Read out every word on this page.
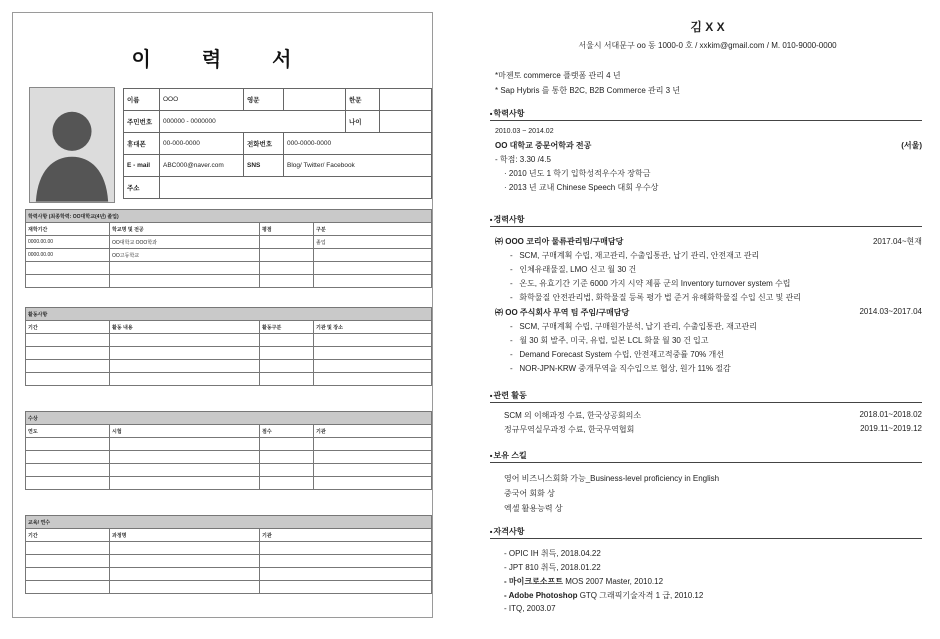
이 력 서
이름	OOO	영문		한문	
주민번호	000000 - 0000000			나이	
휴대폰	00-000-0000	전화번호	000-0000-0000		
E - mail	ABC000@naver.com	SNS	Blog/ Twitter/ Facebook		
주소					
학력사항 (최종학력: OO대학교(4년) 졸업)			
재학기간	학교명 및 전공	평점	구분
0000.00.00	OO대학교 OOO학과		졸업
0000.00.00	OO고등학교		

활동사항			
기간	활동 내용	활동구분	기관 및 장소

수상			
연도	시험	점수	기관

교육/ 연수		
기간	과정명	기관

김 X X
서울시 서대문구 oo 동 1000-0 호 / xxkim@gmail.com / M. 010-9000-0000
*마젠토 commerce 플랫폼 관리 4 년
* Sap Hybris 를 통한 B2C, B2B Commerce 관리 3 년
■ 학력사항
2010.03 ~ 2014.02
OO 대학교 중문어학과 전공	(서울)
- 학점: 3.30 /4.5
· 2010 년도 1 학기 입학성적우수자 장학금
· 2013 년 교내 Chinese Speech 대회 우수상
■ 경력사항
㈜ OOO 코리아 물류관리팀/구매담당	2017.04~현재
-   SCM, 구매계획 수립, 재고관리, 수출입통관, 납기 관리, 안전재고 관리
-   인체유래물질, LMO 신고 월 30 건
-   온도, 유효기간 기준 6000 가지 시약 제품 군의 Inventory turnover system 수립
-   화학물질 안전관리법, 화학물질 등록 평가 법 준거 유해화학물질 수입 신고 및 관리
㈜ OO 주식회사 무역 팀 주임/구매담당	2014.03~2017.04
-   SCM, 구매계획 수립, 구매원가분석, 납기 관리, 수출입통관, 재고관리
-   월 30 회 발주, 미국, 유럽, 일본 LCL 화물 월 30 건 입고
-   Demand Forecast System 수립, 안전재고적중률 70% 개선
-   NOR-JPN-KRW 중개무역을 직수입으로 협상, 원가 11% 절감
■ 관련 활동
SCM 의 이해과정 수료, 한국상공회의소	2018.01~2018.02
정규무역실무과정 수료, 한국무역협회	2019.11~2019.12
■ 보유 스킬
영어 비즈니스회화 가능_Business-level proficiency in English
중국어 회화 상
엑셀 활용능력 상
■ 자격사항
- OPIC IH 취득, 2018.04.22
- JPT 810 취득, 2018.01.22
- 마이크로소프트 MOS 2007 Master, 2010.12
- Adobe Photoshop GTQ 그래픽기술자격 1 급, 2010.12
- ITQ, 2003.07
